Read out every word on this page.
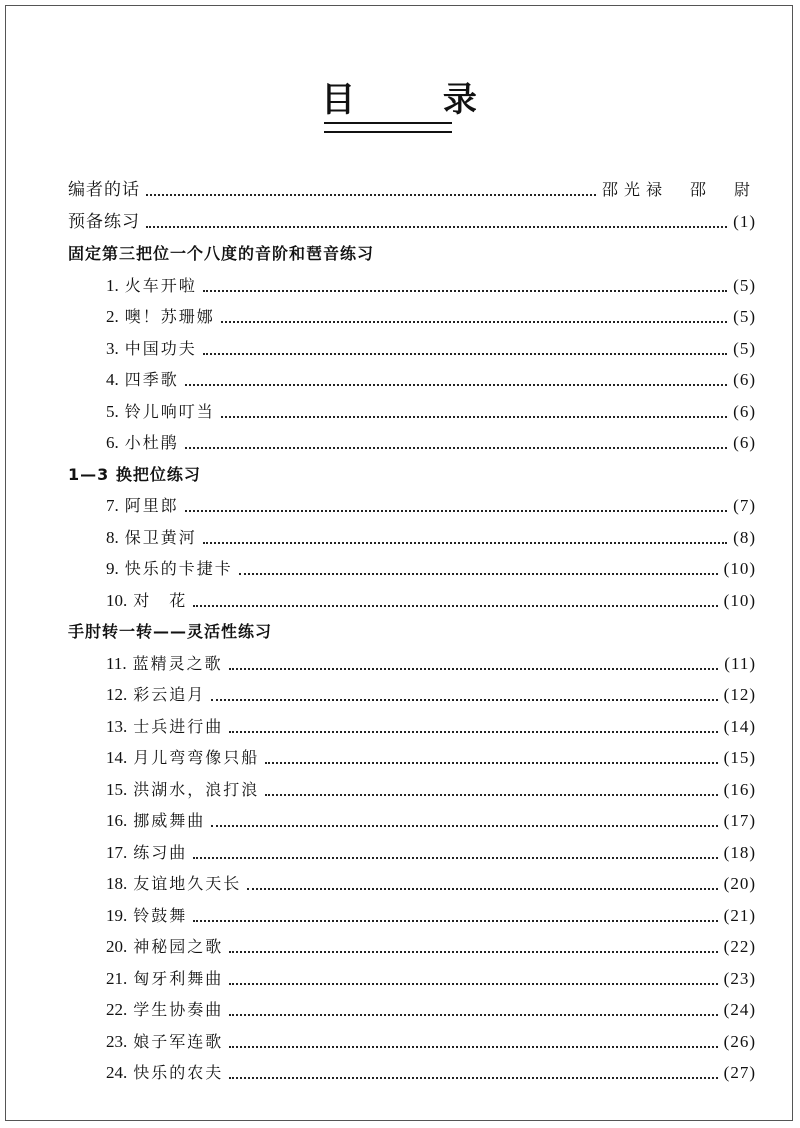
目 录
编者的话	邵光禄　邵　尉
预备练习	(1)
固定第三把位一个八度的音阶和琶音练习
1. 火车开啦	(5)
2. 噢！苏珊娜	(5)
3. 中国功夫	(5)
4. 四季歌	(6)
5. 铃儿响叮当	(6)
6. 小杜鹃	(6)
1—3 换把位练习
7. 阿里郎	(7)
8. 保卫黄河	(8)
9. 快乐的卡捷卡	(10)
10. 对　花	(10)
手肘转一转——灵活性练习
11. 蓝精灵之歌	(11)
12. 彩云追月	(12)
13. 士兵进行曲	(14)
14. 月儿弯弯像只船	(15)
15. 洪湖水，浪打浪	(16)
16. 挪威舞曲	(17)
17. 练习曲	(18)
18. 友谊地久天长	(20)
19. 铃鼓舞	(21)
20. 神秘园之歌	(22)
21. 匈牙利舞曲	(23)
22. 学生协奏曲	(24)
23. 娘子军连歌	(26)
24. 快乐的农夫	(27)
